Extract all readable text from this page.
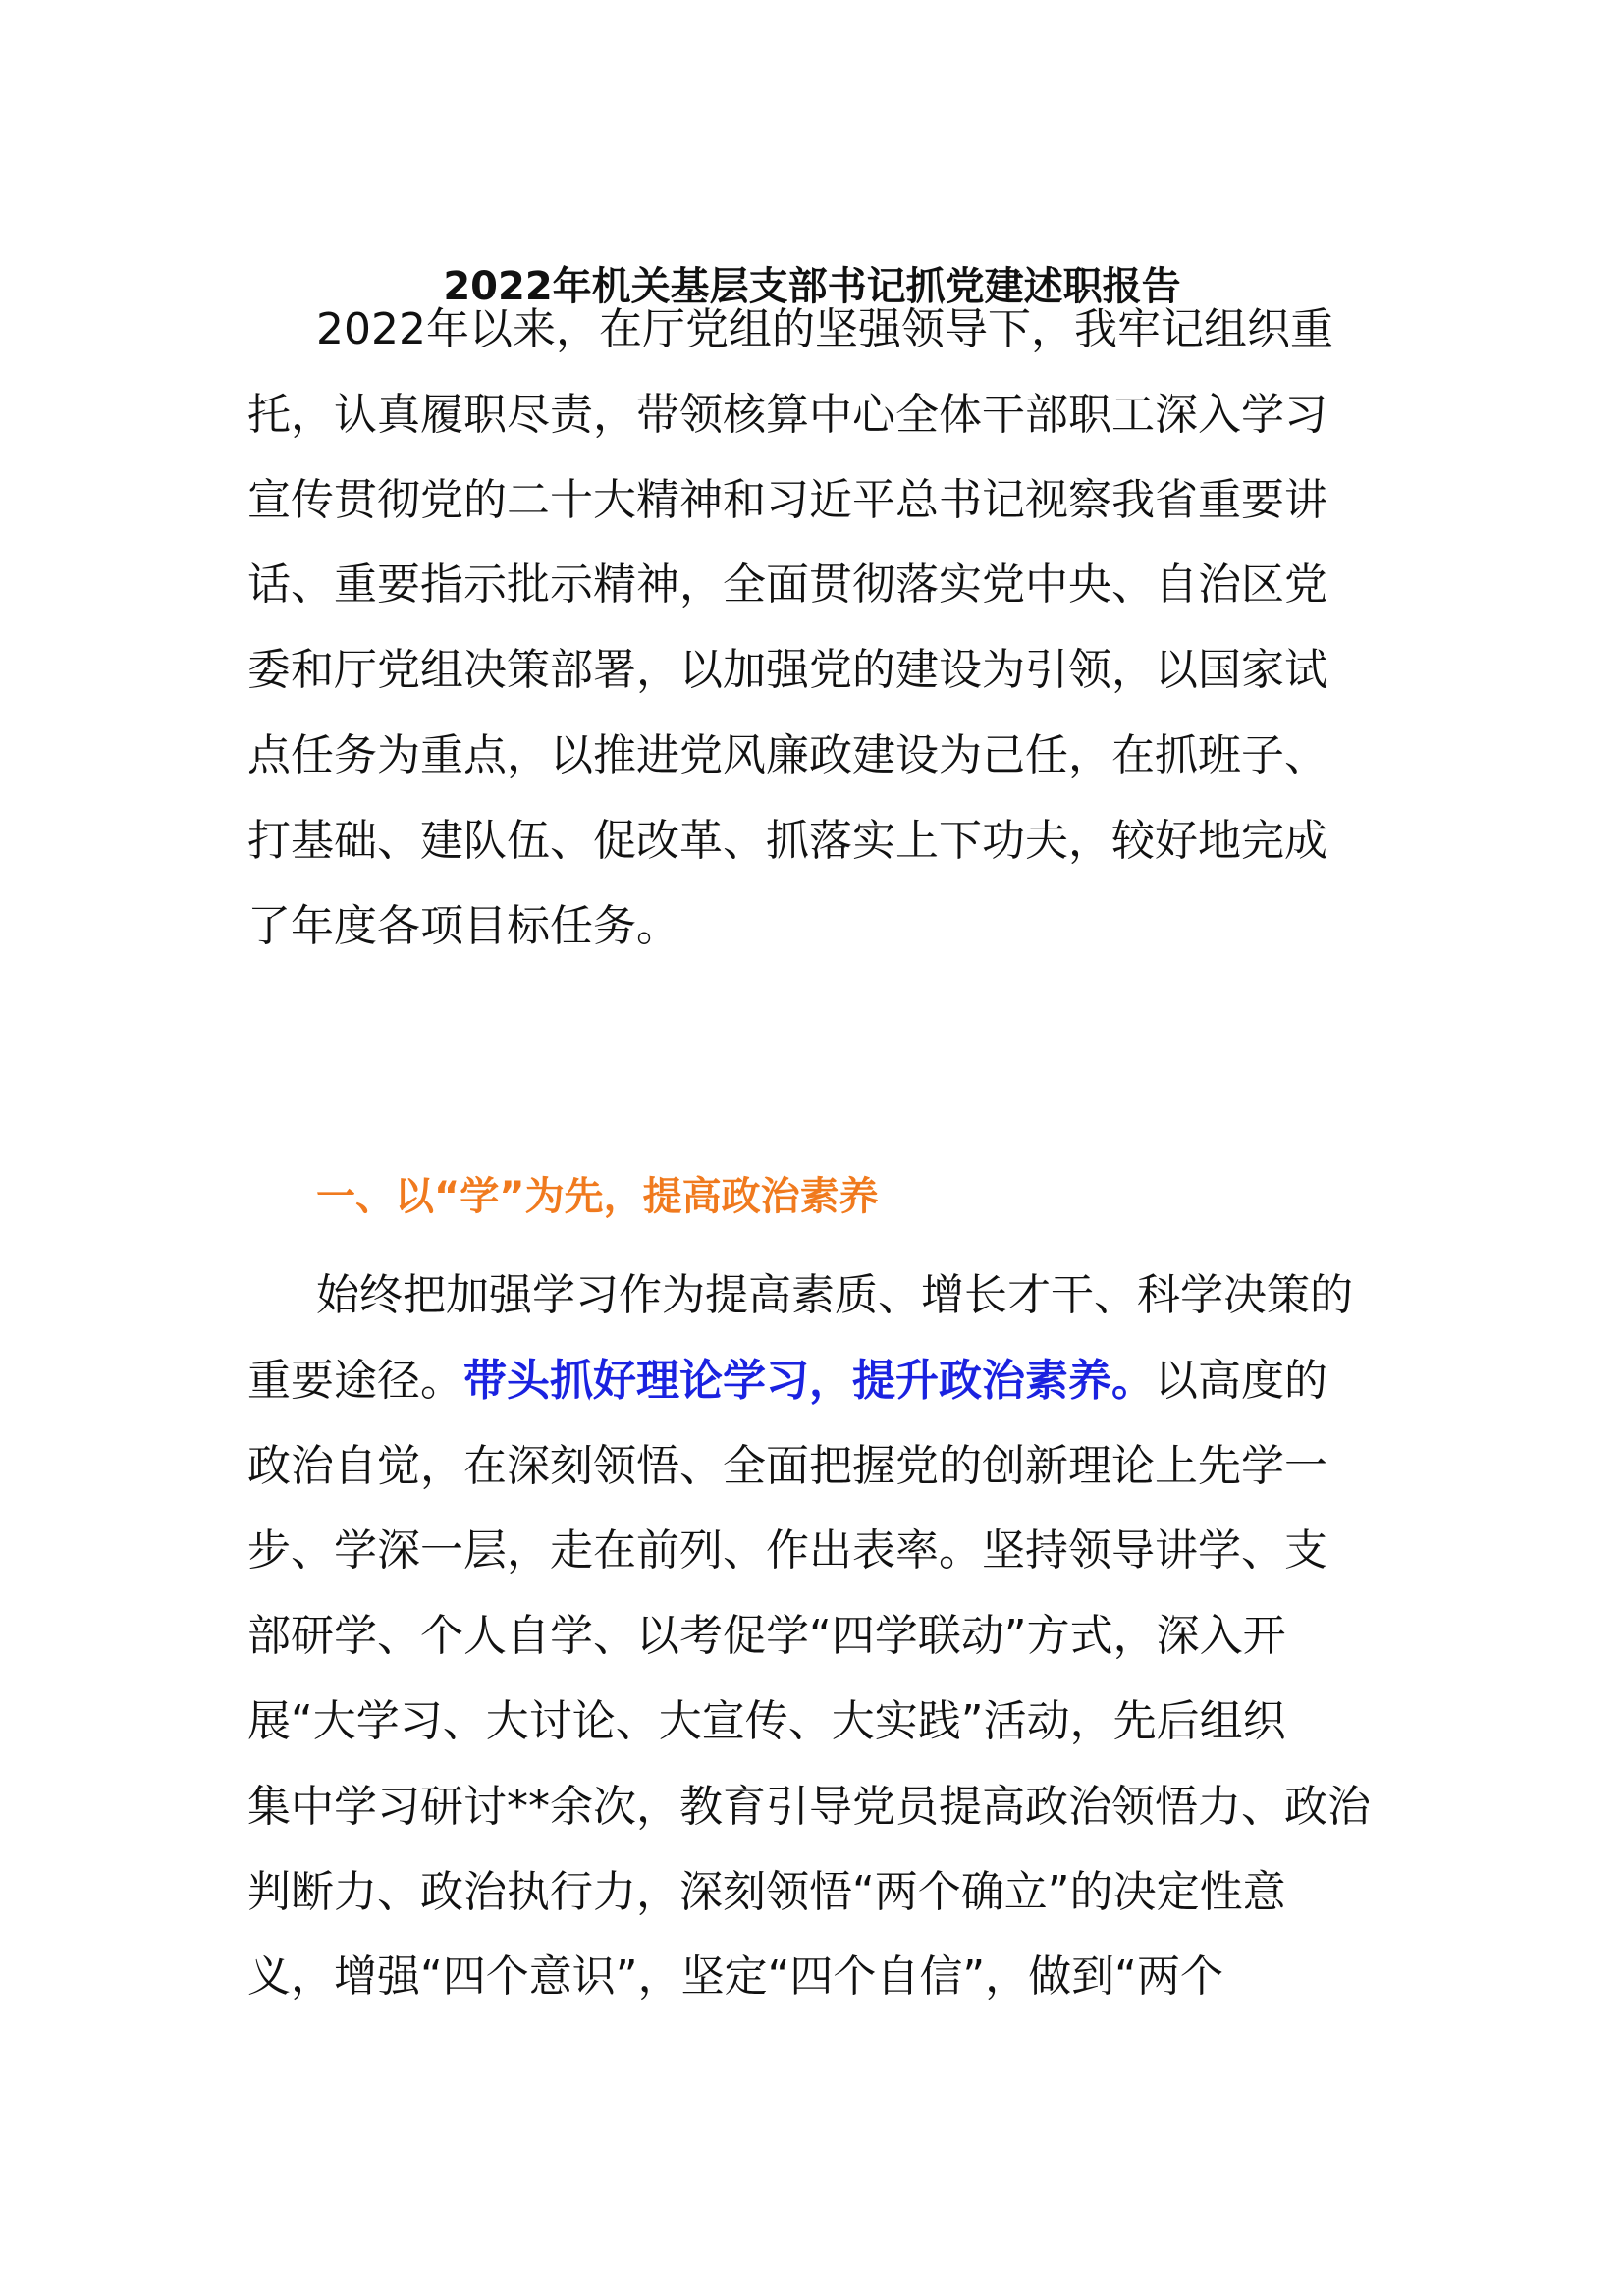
2022年机关基层支部书记抓党建述职报告
2022年以来，在厅党组的坚强领导下，我牢记组织重
托，认真履职尽责，带领核算中心全体干部职工深入学习
宣传贯彻党的二十大精神和习近平总书记视察我省重要讲
话、重要指示批示精神，全面贯彻落实党中央、自治区党
委和厅党组决策部署，以加强党的建设为引领，以国家试
点任务为重点，以推进党风廉政建设为己任，在抓班子、
打基础、建队伍、促改革、抓落实上下功夫，较好地完成
了年度各项目标任务。
一、以“学”为先，提高政治素养
始终把加强学习作为提高素质、增长才干、科学决策的
重要途径。带头抓好理论学习，提升政治素养。以高度的
政治自觉，在深刻领悟、全面把握党的创新理论上先学一
步、学深一层，走在前列、作出表率。坚持领导讲学、支
部研学、个人自学、以考促学“四学联动”方式，深入开
展“大学习、大讨论、大宣传、大实践”活动，先后组织
集中学习研讨**余次，教育引导党员提高政治领悟力、政治
判断力、政治执行力，深刻领悟“两个确立”的决定性意
义，增强“四个意识”，坚定“四个自信”，做到“两个
